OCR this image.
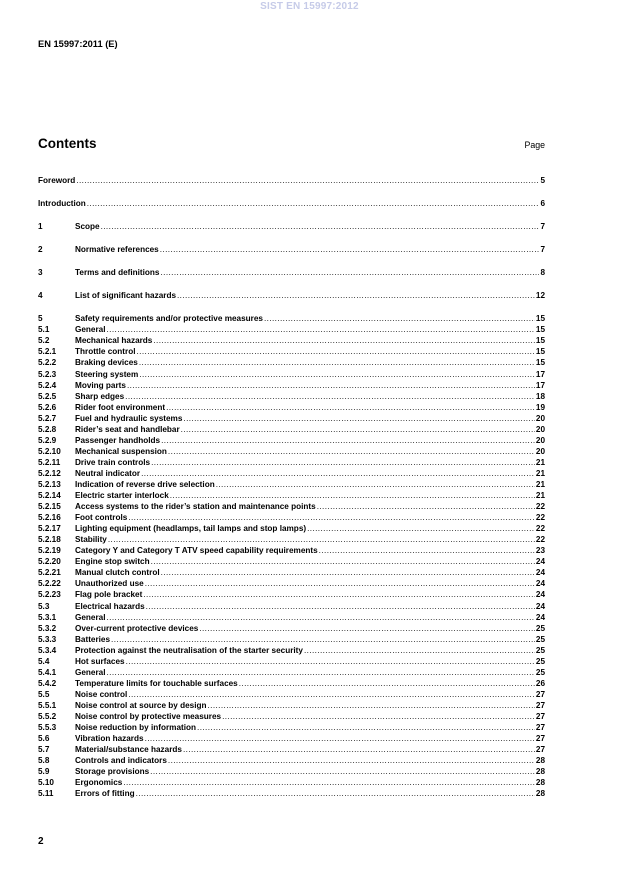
SIST EN 15997:2012
EN 15997:2011 (E)
Contents	Page
Foreword .....	5
Introduction .....	6
1	Scope .....	7
2	Normative references .....	7
3	Terms and definitions .....	8
4	List of significant hazards .....	12
5	Safety requirements and/or protective measures .....	15
5.1	General .....	15
5.2	Mechanical hazards .....	15
5.2.1	Throttle control .....	15
5.2.2	Braking devices .....	15
5.2.3	Steering system .....	17
5.2.4	Moving parts .....	17
5.2.5	Sharp edges .....	18
5.2.6	Rider foot environment .....	19
5.2.7	Fuel and hydraulic systems .....	20
5.2.8	Rider’s seat and handlebar .....	20
5.2.9	Passenger handholds .....	20
5.2.10	Mechanical suspension .....	20
5.2.11	Drive train controls .....	21
5.2.12	Neutral indicator .....	21
5.2.13	Indication of reverse drive selection .....	21
5.2.14	Electric starter interlock .....	21
5.2.15	Access systems to the rider’s station and maintenance points .....	22
5.2.16	Foot controls .....	22
5.2.17	Lighting equipment (headlamps, tail lamps and stop lamps) .....	22
5.2.18	Stability .....	22
5.2.19	Category Y and Category T ATV speed capability requirements .....	23
5.2.20	Engine stop switch .....	24
5.2.21	Manual clutch control .....	24
5.2.22	Unauthorized use .....	24
5.2.23	Flag pole bracket .....	24
5.3	Electrical hazards .....	24
5.3.1	General .....	24
5.3.2	Over-current protective devices .....	25
5.3.3	Batteries .....	25
5.3.4	Protection against the neutralisation of the starter security .....	25
5.4	Hot surfaces .....	25
5.4.1	General .....	25
5.4.2	Temperature limits for touchable surfaces .....	26
5.5	Noise control .....	27
5.5.1	Noise control at source by design .....	27
5.5.2	Noise control by protective measures .....	27
5.5.3	Noise reduction by information .....	27
5.6	Vibration hazards .....	27
5.7	Material/substance hazards .....	27
5.8	Controls and indicators .....	28
5.9	Storage provisions .....	28
5.10	Ergonomics .....	28
5.11	Errors of fitting .....	28
2
